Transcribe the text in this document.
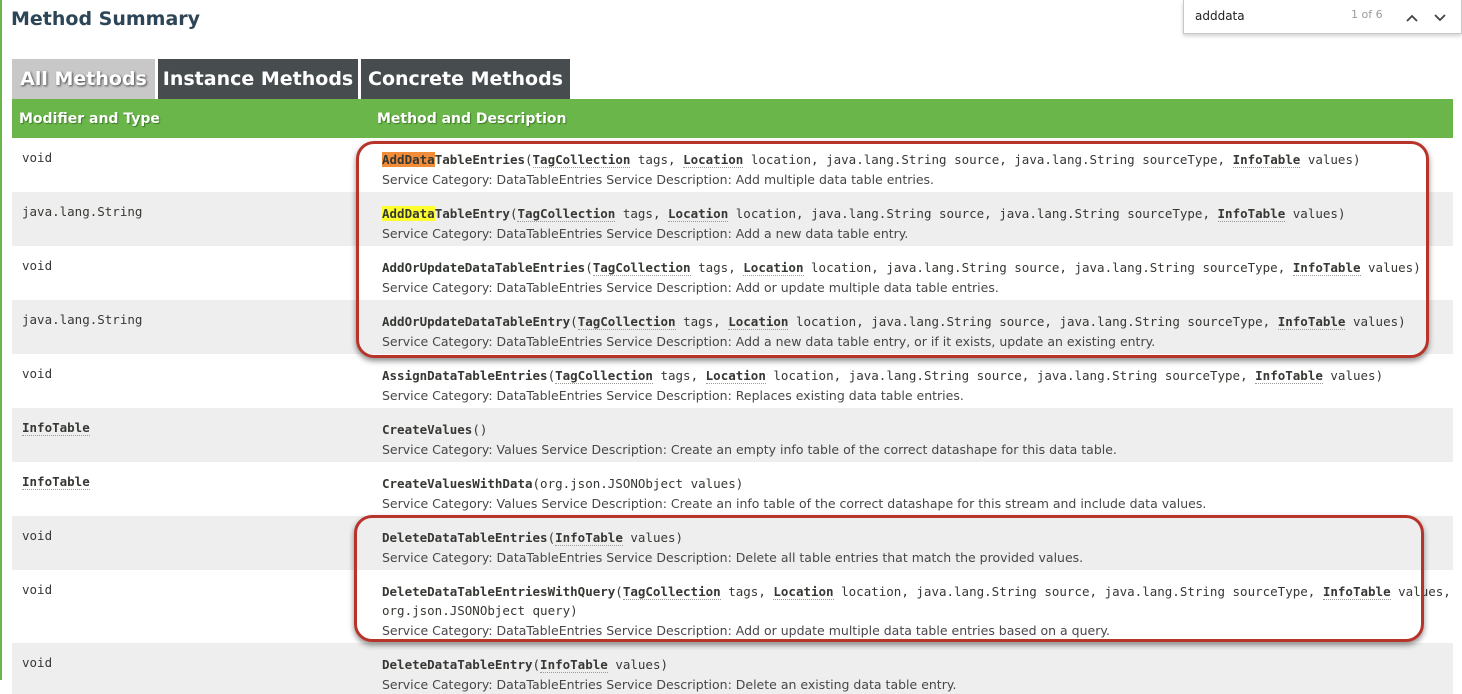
Method Summary
adddata	1 of 6
All Methods Instance Methods Concrete Methods
Modifier and Type	Method and Description
void	AddDataTableEntries(TagCollection tags, Location location, java.lang.String source, java.lang.String sourceType, InfoTable values)
Service Category: DataTableEntries Service Description: Add multiple data table entries.

java.lang.String	AddDataTableEntry(TagCollection tags, Location location, java.lang.String source, java.lang.String sourceType, InfoTable values)
Service Category: DataTableEntries Service Description: Add a new data table entry.

void	AddOrUpdateDataTableEntries(TagCollection tags, Location location, java.lang.String source, java.lang.String sourceType, InfoTable values)
Service Category: DataTableEntries Service Description: Add or update multiple data table entries.

java.lang.String	AddOrUpdateDataTableEntry(TagCollection tags, Location location, java.lang.String source, java.lang.String sourceType, InfoTable values)
Service Category: DataTableEntries Service Description: Add a new data table entry, or if it exists, update an existing entry.

void	AssignDataTableEntries(TagCollection tags, Location location, java.lang.String source, java.lang.String sourceType, InfoTable values)
Service Category: DataTableEntries Service Description: Replaces existing data table entries.

InfoTable	CreateValues()
Service Category: Values Service Description: Create an empty info table of the correct datashape for this data table.

InfoTable	CreateValuesWithData(org.json.JSONObject values)
Service Category: Values Service Description: Create an info table of the correct datashape for this stream and include data values.

void	DeleteDataTableEntries(InfoTable values)
Service Category: DataTableEntries Service Description: Delete all table entries that match the provided values.

void	DeleteDataTableEntriesWithQuery(TagCollection tags, Location location, java.lang.String source, java.lang.String sourceType, InfoTable values, org.json.JSONObject query)
Service Category: DataTableEntries Service Description: Add or update multiple data table entries based on a query.

void	DeleteDataTableEntry(InfoTable values)
Service Category: DataTableEntries Service Description: Delete an existing data table entry.
